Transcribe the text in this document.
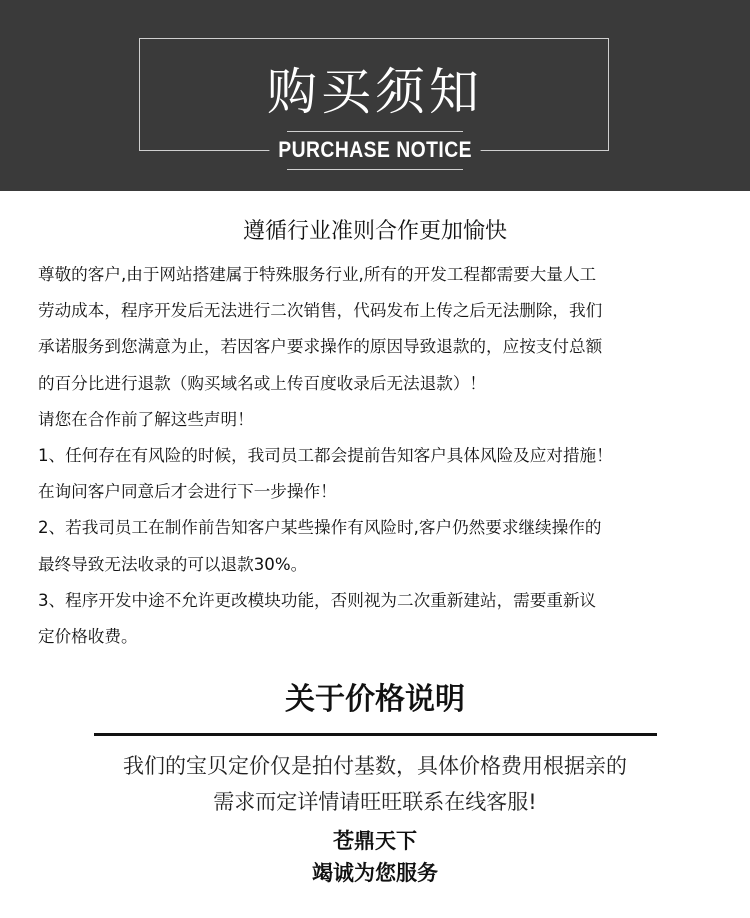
购买须知
PURCHASE NOTICE
遵循行业准则合作更加愉快
尊敬的客户,由于网站搭建属于特殊服务行业,所有的开发工程都需要大量人工
劳动成本，程序开发后无法进行二次销售，代码发布上传之后无法删除，我们
承诺服务到您满意为止，若因客户要求操作的原因导致退款的，应按支付总额
的百分比进行退款（购买域名或上传百度收录后无法退款）！
请您在合作前了解这些声明！
1、任何存在有风险的时候，我司员工都会提前告知客户具体风险及应对措施！
在询问客户同意后才会进行下一步操作！
2、若我司员工在制作前告知客户某些操作有风险时,客户仍然要求继续操作的
最终导致无法收录的可以退款30%。
3、程序开发中途不允许更改模块功能，否则视为二次重新建站，需要重新议
定价格收费。
关于价格说明
我们的宝贝定价仅是拍付基数，具体价格费用根据亲的
需求而定详情请旺旺联系在线客服!
苍鼎天下
竭诚为您服务
